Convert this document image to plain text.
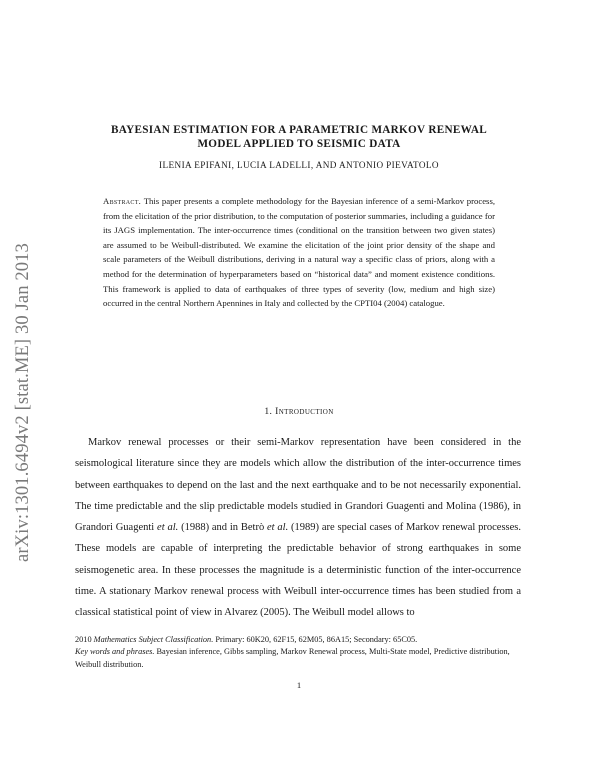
arXiv:1301.6494v2 [stat.ME] 30 Jan 2013
BAYESIAN ESTIMATION FOR A PARAMETRIC MARKOV RENEWAL
MODEL APPLIED TO SEISMIC DATA
ILENIA EPIFANI, LUCIA LADELLI, AND ANTONIO PIEVATOLO
Abstract. This paper presents a complete methodology for the Bayesian inference of a semi-Markov process, from the elicitation of the prior distribution, to the computation of posterior summaries, including a guidance for its JAGS implementation. The inter-occurrence times (conditional on the transition between two given states) are assumed to be Weibull-distributed. We examine the elicitation of the joint prior density of the shape and scale parameters of the Weibull distributions, deriving in a natural way a specific class of priors, along with a method for the determination of hyperparameters based on “historical data” and moment existence conditions. This framework is applied to data of earthquakes of three types of severity (low, medium and high size) occurred in the central Northern Apennines in Italy and collected by the CPTI04 (2004) catalogue.
1. Introduction
Markov renewal processes or their semi-Markov representation have been considered in the seismological literature since they are models which allow the distribution of the inter-occurrence times between earthquakes to depend on the last and the next earthquake and to be not necessarily exponential. The time predictable and the slip predictable models studied in Grandori Guagenti and Molina (1986), in Grandori Guagenti et al. (1988) and in Betrò et al. (1989) are special cases of Markov renewal processes. These models are capable of interpreting the predictable behavior of strong earthquakes in some seismogenetic area. In these processes the magnitude is a deterministic function of the inter-occurrence time. A stationary Markov renewal process with Weibull inter-occurrence times has been studied from a classical statistical point of view in Alvarez (2005). The Weibull model allows to
2010 Mathematics Subject Classification. Primary: 60K20, 62F15, 62M05, 86A15; Secondary: 65C05.
Key words and phrases. Bayesian inference, Gibbs sampling, Markov Renewal process, Multi-State model, Predictive distribution, Weibull distribution.
1
